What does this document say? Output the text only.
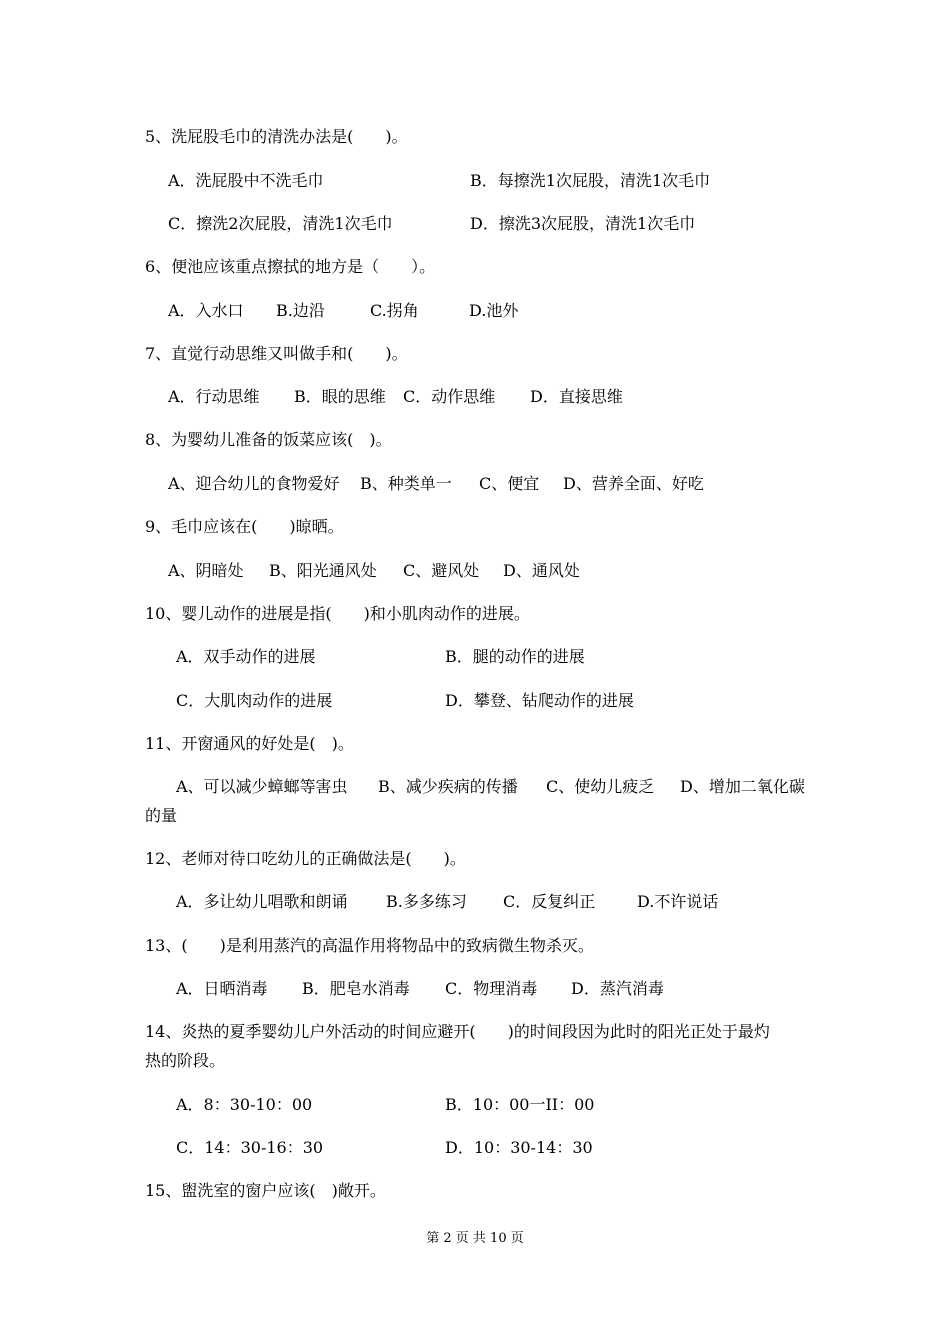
5、洗屁股毛巾的清洗办法是(　　)。
A．洗屁股中不洗毛巾	B．每擦洗1次屁股，清洗1次毛巾
C．擦洗2次屁股，清洗1次毛巾	D．擦洗3次屁股，清洗1次毛巾
6、便池应该重点擦拭的地方是（　　）。
A．入水口 B.边沿	C.拐角	D.池外
7、直觉行动思维又叫做手和(　　)。
A．行动思维 B．眼的思维 C．动作思维 D．直接思维
8、为婴幼儿准备的饭菜应该(　)。
A、迎合幼儿的食物爱好 B、种类单一 C、便宜 D、营养全面、好吃
9、毛巾应该在(　　)晾晒。
A、阴暗处 B、阳光通风处 C、避风处 D、通风处
10、婴儿动作的进展是指(　　)和小肌肉动作的进展。
A．双手动作的进展	B．腿的动作的进展
C．大肌肉动作的进展	D．攀登、钻爬动作的进展
11、开窗通风的好处是(　)。
A、可以减少蟑螂等害虫 B、减少疾病的传播 C、使幼儿疲乏 D、增加二氧化碳
的量
12、老师对待口吃幼儿的正确做法是(　　)。
A．多让幼儿唱歌和朗诵 B.多多练习 C．反复纠正	D.不许说话
13、(　　)是利用蒸汽的高温作用将物品中的致病微生物杀灭。
A．日晒消毒 B．肥皂水消毒 C．物理消毒 D．蒸汽消毒
14、炎热的夏季婴幼儿户外活动的时间应避开(　　)的时间段因为此时的阳光正处于最灼
热的阶段。
A．8：30-10：00	B．10：00一II：00
C．14：30-16：30	D．10：30-14：30
15、盥洗室的窗户应该(　)敞开。
第 2 页 共 10 页
